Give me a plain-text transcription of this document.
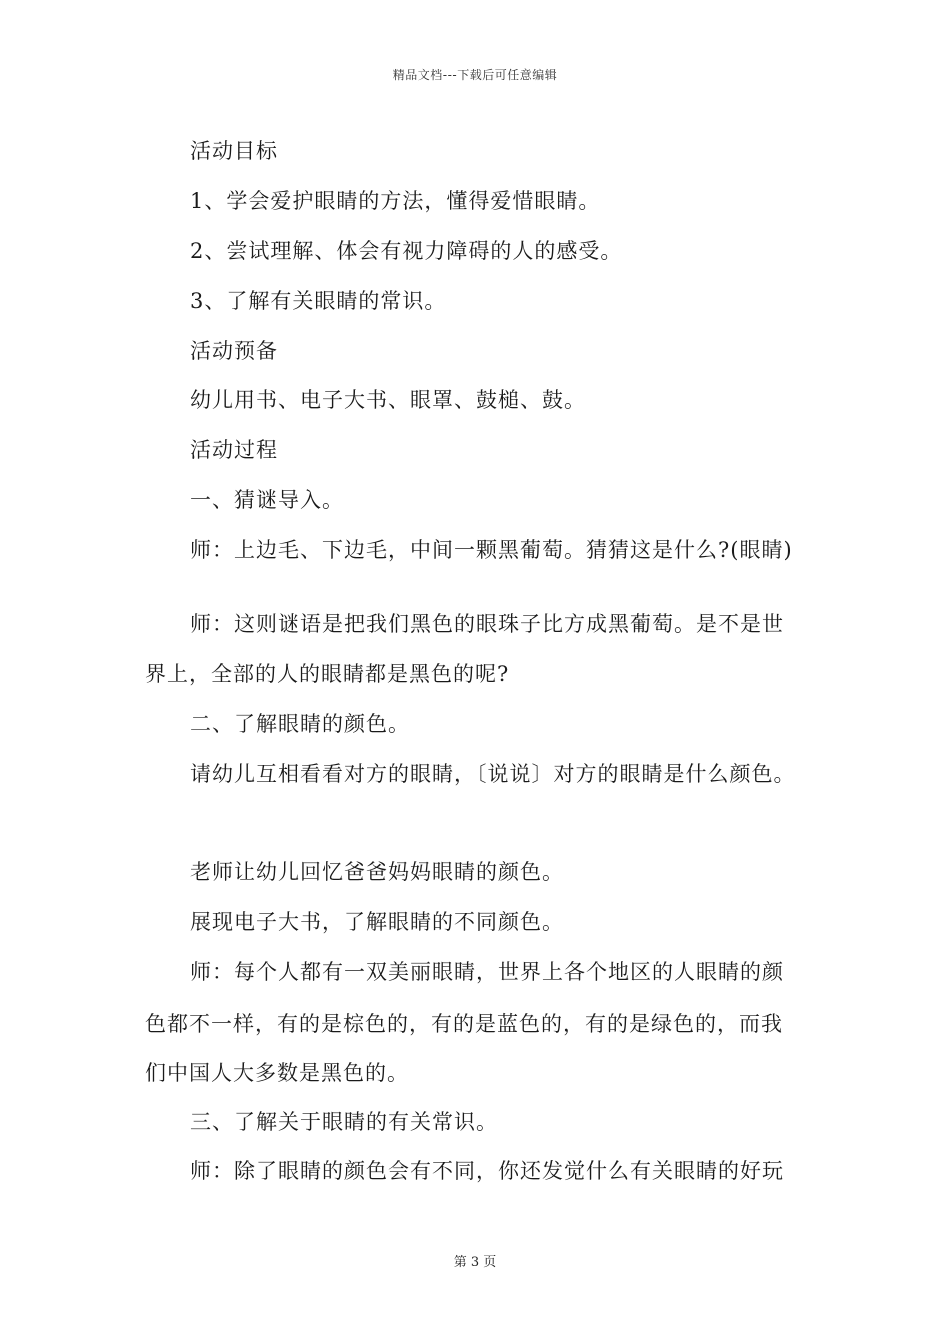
精品文档---下载后可任意编辑
活动目标
1、学会爱护眼睛的方法，懂得爱惜眼睛。
2、尝试理解、体会有视力障碍的人的感受。
3、了解有关眼睛的常识。
活动预备
幼儿用书、电子大书、眼罩、鼓槌、鼓。
活动过程
一、猜谜导入。
师：上边毛、下边毛，中间一颗黑葡萄。猜猜这是什么?(眼睛)
师：这则谜语是把我们黑色的眼珠子比方成黑葡萄。是不是世
界上，全部的人的眼睛都是黑色的呢?
二、了解眼睛的颜色。
请幼儿互相看看对方的眼睛，〔说说〕对方的眼睛是什么颜色。
老师让幼儿回忆爸爸妈妈眼睛的颜色。
展现电子大书，了解眼睛的不同颜色。
师：每个人都有一双美丽眼睛，世界上各个地区的人眼睛的颜
色都不一样，有的是棕色的，有的是蓝色的，有的是绿色的，而我
们中国人大多数是黑色的。
三、了解关于眼睛的有关常识。
师：除了眼睛的颜色会有不同，你还发觉什么有关眼睛的好玩
第 3 页
